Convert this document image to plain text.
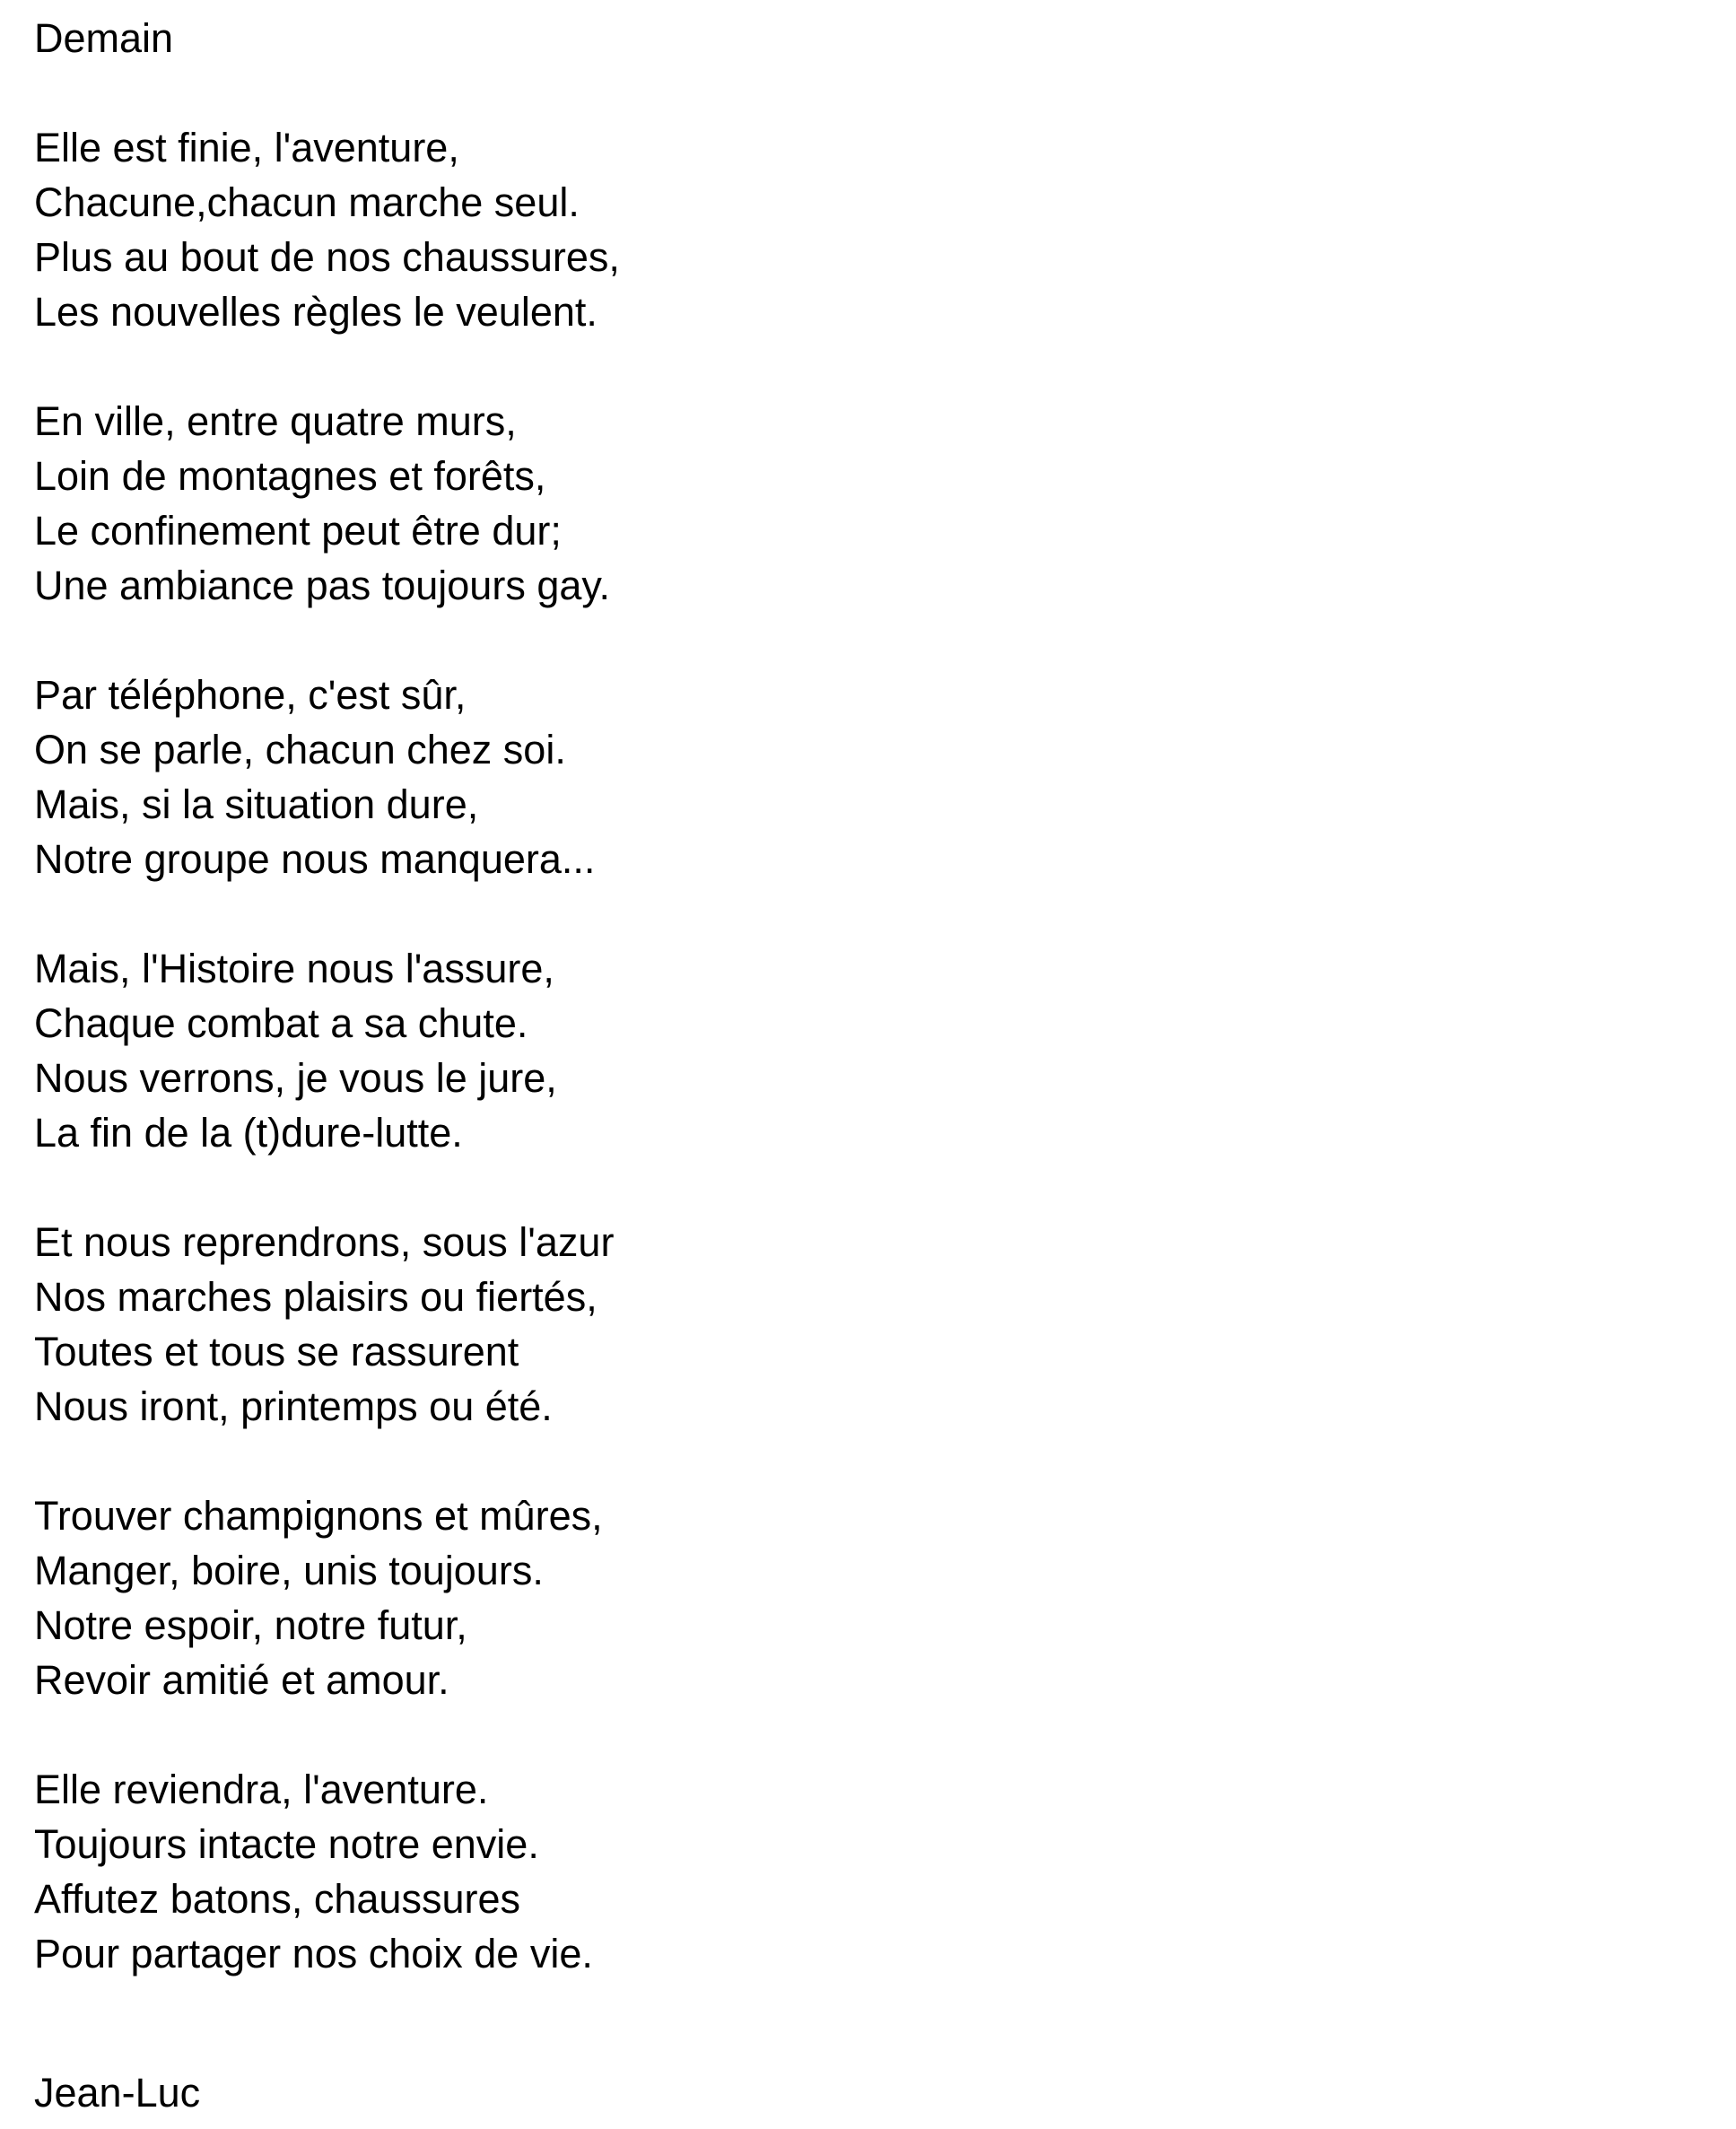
Demain
Elle est finie, l'aventure,
Chacune,chacun marche seul.
Plus au bout de nos chaussures,
Les nouvelles règles le veulent.
En ville, entre quatre murs,
Loin de montagnes et forêts,
Le confinement peut être dur;
Une ambiance pas toujours gay.
Par téléphone, c'est sûr,
On se parle, chacun chez soi.
Mais, si la situation dure,
Notre groupe nous manquera...
Mais, l'Histoire nous l'assure,
Chaque combat a sa chute.
Nous verrons, je vous le jure,
La fin de la (t)dure-lutte.
Et nous reprendrons, sous l'azur
Nos marches plaisirs ou fiertés,
Toutes et tous se rassurent
Nous iront, printemps ou été.
Trouver champignons et mûres,
Manger, boire, unis toujours.
Notre espoir, notre futur,
Revoir amitié et amour.
Elle reviendra, l'aventure.
Toujours intacte notre envie.
Affutez batons, chaussures
Pour partager nos choix de vie.
Jean-Luc
